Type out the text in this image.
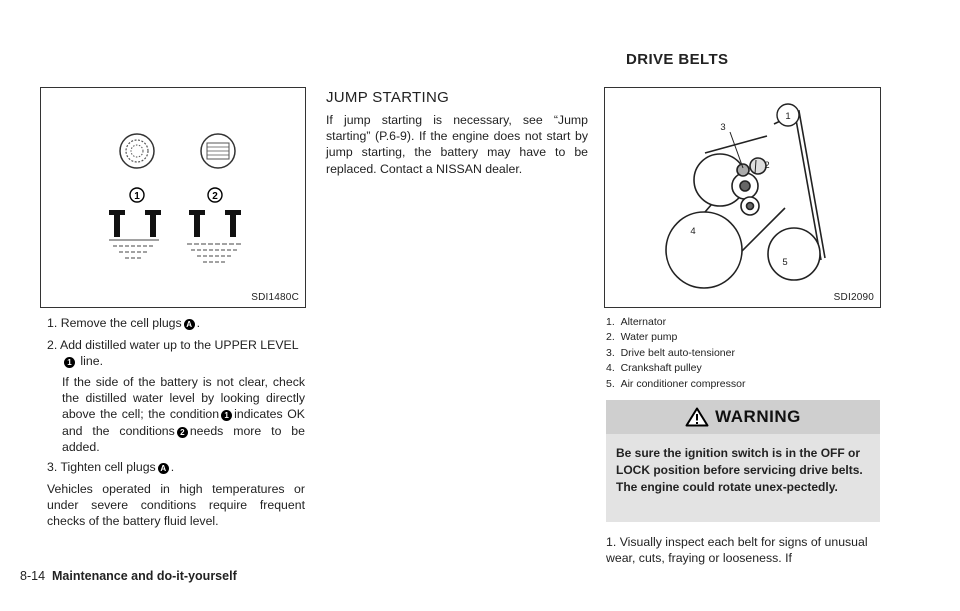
1	2
SDI1480C
1. Remove the cell plugs A .
2. Add distilled water up to the UPPER LEVEL
1 line.
If the side of the battery is not clear, check the distilled water level by looking directly above the cell; the condition 1 indicates OK and the conditions 2 needs more to be added.
3. Tighten cell plugs A .
Vehicles operated in high temperatures or under severe conditions require frequent checks of the battery fluid level.
JUMP STARTING
If jump starting is necessary, see “Jump starting” (P.6-9). If the engine does not start by jump starting, the battery may have to be replaced. Contact a NISSAN dealer.
DRIVE BELTS
1
2
3
4
5
SDI2090
1.  Alternator
2.  Water pump
3.  Drive belt auto-tensioner
4.  Crankshaft pulley
5.  Air conditioner compressor
WARNING
Be sure the ignition switch is in the OFF or LOCK position before servicing drive belts. The engine could rotate unex-pectedly.
1. Visually inspect each belt for signs of unusual wear, cuts, fraying or looseness. If
8-14 Maintenance and do-it-yourself
